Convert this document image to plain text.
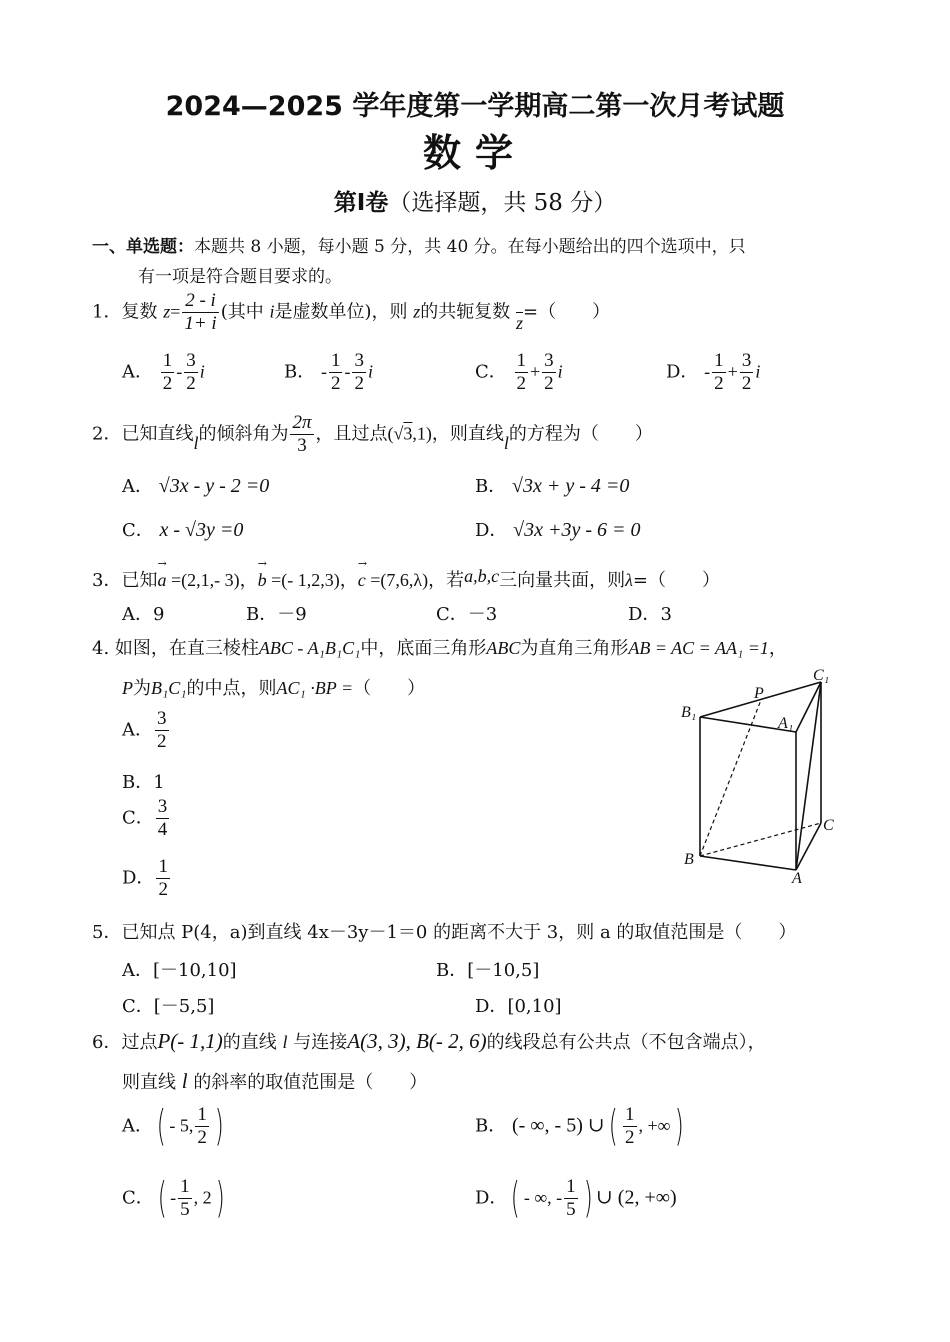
2024—2025 学年度第一学期高二第一次月考试题
数学
第Ⅰ卷（选择题，共 58 分）
一、单选题：本题共 8 小题，每小题 5 分，共 40 分。在每小题给出的四个选项中，只
有一项是符合题目要求的。
1．复数 $z= \frac{2 - i}{1+ i}$ (其中 i是虚数单位)，则 z的共轭复数 $\overline{z}=$（　　）
A． $\frac{1}{2} - \frac{3}{2}$ i	B． - $\frac{1}{2} - \frac{3}{2}$ i	C． $\frac{1}{2} + \frac{3}{2}$ i	D． - $\frac{1}{2} + \frac{3}{2}$ i
2．已知直线l的倾斜角为 $\frac{2\pi}{3}$ ，且过点(√3,1)，则直线l的方程为（　　）
A． √3x - y - 2 =0	B． √3x + y - 4 =0
C． x - √3y =0	D． √3x +3y - 6 = 0
3．已知→ a =(2,1,- 3)，→ b =(- 1,2,3)，→ c =(7,6,λ)，若a,b,c三向量共面，则λ=（　　）
A．9	B．－9	C．－3	D．3
4. 如图，在直三棱柱ABC - A₁B₁C₁中，底面三角形ABC为直角三角形AB = AC = AA₁ =1，
P为B₁C₁的中点，则AC₁ ·BP =（　　）
A． $\frac{3}{2}$
B．1
C． $\frac{3}{4}$
D． $\frac{1}{2}$
B₁
P
C₁
A₁
C
B
A
5．已知点 P(4，a)到直线 4x－3y－1＝0 的距离不大于 3，则 a 的取值范围是（　　）
A．[－10,10]	B．[－10,5]
C．[－5,5]	D．[0,10]
6．过点P(- 1,1)的直线 l 与连接A(3, 3), B(- 2, 6)的线段总有公共点（不包含端点），
则直线 l 的斜率的取值范围是（　　）
A．( - 5, $\frac{1}{2}$ )	B． (- ∞, - 5) ∪( $\frac{1}{2}$ , +∞)
C．( - $\frac{1}{5}$ , 2)	D．( - ∞, - $\frac{1}{5}$ ) ∪ (2, +∞)
